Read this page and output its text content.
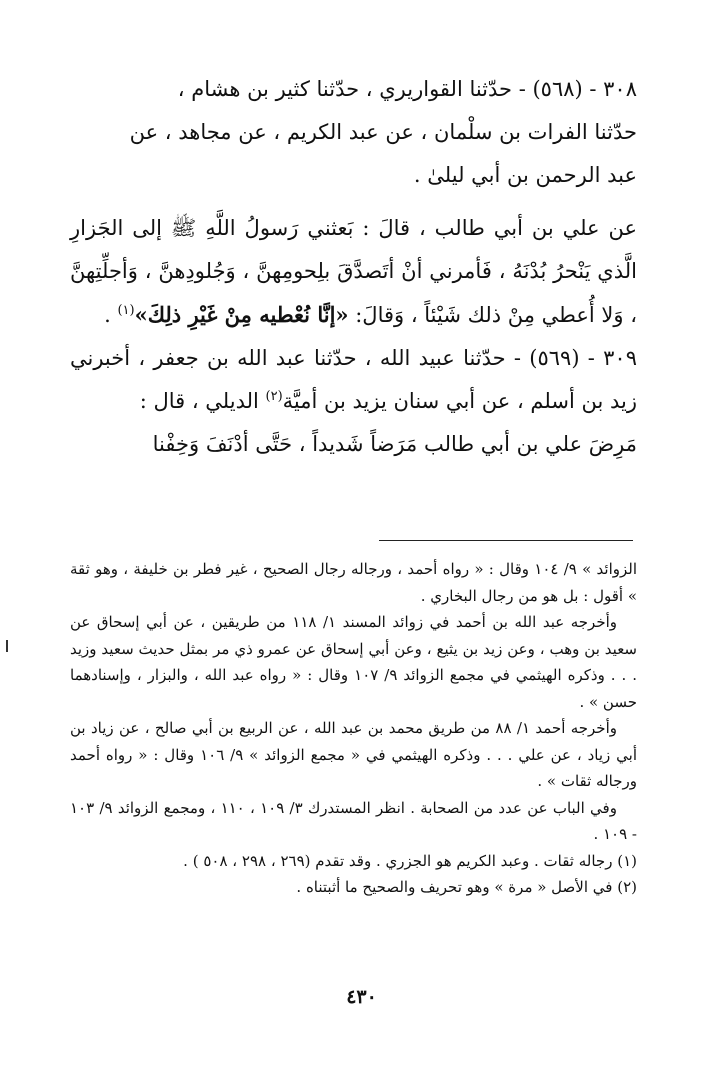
٣٠٨ - (٥٦٨) - حدّثنا القواريري ، حدّثنا كثير بن هشام ،

حدّثنا الفرات بن سلْمان ، عن عبد الكريم ، عن مجاهد ، عن

عبد الرحمن بن أبي ليلىٰ .

عن علي بن أبي طالب ، قالَ : بَعثني رَسولُ اللَّهِ ﷺ إلى الجَزارِ الَّذي يَنْحرُ بُدْنَهُ ، فَأمرني أنْ أتَصدَّقَ بلِحومِهنَّ ، وَجُلودِهنَّ ، وَأجلِّتِهنَّ ، وَلا أُعطي مِنْ ذلك شَيْئاً ، وَقالَ: «إنَّا نُعْطيه مِنْ غَيْرِ ذلِكَ»$^{(١)}$ .

٣٠٩ - (٥٦٩) - حدّثنا عبيد الله ، حدّثنا عبد الله بن جعفر ، أخبرني زيد بن أسلم ، عن أبي سنان يزيد بن أميَّة$^{(٢)}$ الديلي ، قال :

مَرِضَ علي بن أبي طالب مَرَضاً شَديداً ، حَتَّى أدْنَفَ وَخِفْنا

الزوائد » ٩/ ١٠٤ وقال : « رواه أحمد ، ورجاله رجال الصحيح ، غير فطر بن خليفة ، وهو ثقة » أقول : بل هو من رجال البخاري .

وأخرجه عبد الله بن أحمد في زوائد المسند ١/ ١١٨ من طريقين ، عن أبي إسحاق عن سعيد بن وهب ، وعن زيد بن يثيع ، وعن أبي إسحاق عن عمرو ذي مر بمثل حديث سعيد وزيد . . . وذكره الهيثمي في مجمع الزوائد ٩/ ١٠٧ وقال : « رواه عبد الله ، والبزار ، وإسنادهما حسن » .

وأخرجه أحمد ١/ ٨٨ من طريق محمد بن عبد الله ، عن الربيع بن أبي صالح ، عن زياد بن أبي زياد ، عن علي . . . وذكره الهيثمي في « مجمع الزوائد » ٩/ ١٠٦ وقال : « رواه أحمد ورجاله ثقات » .

وفي الباب عن عدد من الصحابة . انظر المستدرك ٣/ ١٠٩ ، ١١٠ ، ومجمع الزوائد ٩/ ١٠٣ - ١٠٩ .

(١) رجاله ثقات . وعبد الكريم هو الجزري . وقد تقدم (٢٦٩ ، ٢٩٨ ، ٥٠٨ ) .

(٢) في الأصل « مرة » وهو تحريف والصحيح ما أثبتناه .

٤٣٠
